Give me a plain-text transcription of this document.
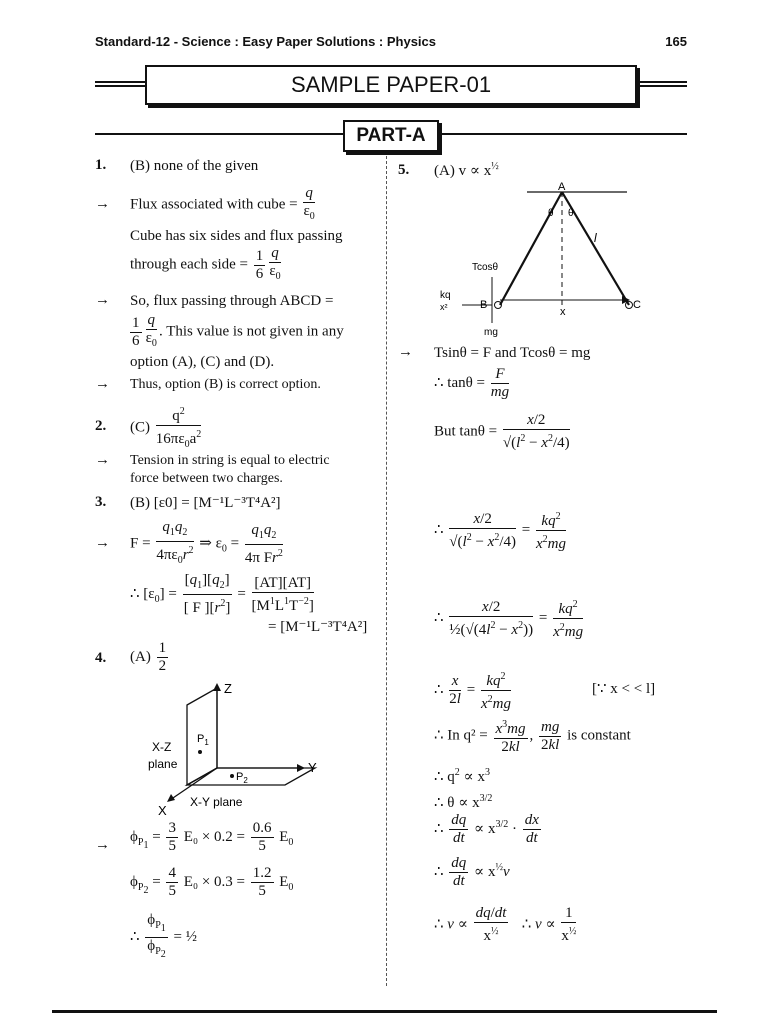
Standard-12 - Science : Easy Paper Solutions : Physics	165
SAMPLE PAPER-01
PART-A
1. (B) none of the given
→ Flux associated with cube = $\frac{q}{\varepsilon_0}$
Cube has six sides and flux passing
through each side = $\frac{1}{6} \frac{q}{\varepsilon_0}$
→ So, flux passing through ABCD =
$\frac{1}{6} \frac{q}{\varepsilon_0}$ . This value is not given in any
option (A), (C) and (D).
→ Thus, option (B) is correct option.
2. $(C) \frac{q^2}{16\pi\varepsilon_0a^2}$
→ Tension in string is equal to electric
force between two charges.
3. (B) [ε0] = [M⁻¹L⁻³T⁴A²]
→ $F = \frac{q_1q_2}{4\pi\varepsilon_0r^2}$ ⇒ $\varepsilon_0 = \frac{q_1q_2}{4\pi Fr^2}$
∴ $[\varepsilon_0] = \frac{[q_1][q_2]}{[ F ][r^2]} = \frac{[AT][AT]}{[M^1L^1T^{-2}]}$
= [M⁻¹L⁻³T⁴A²]
4. $(A) \frac{1}{2}$
Z
Y
X
X-Z
plane
X-Y plane
$P_1$
$P_2$
→
$\phi_{P_1} = \frac{3}{5} E_0 \times 0.2 = \frac{0.6}{5} E_0$
$\phi_{P_2} = \frac{4}{5} E_0 \times 0.3 = \frac{1.2}{5} E_0$
∴ $\frac{\phi_{P_1}}{\phi_{P_2}}$ = ½
5. (A) $v \propto x^{\frac{1}{2}}$
A
B	C
l
x
Tcosθ
mg
kq
x²
θ θ
→ Tsinθ = F and Tcosθ = mg
∴ $\tan\theta = \frac{F}{mg}$
But $\tan\theta = \frac{x/2}{√(l^2 - x^2/4)}$
∴ $\frac{x/2}{√(l^2 - x^2/4)} = \frac{kq^2}{x^2mg}$
∴ $\frac{x/2}{\frac{1}{2}(√(4l^2 - x^2))} = \frac{kq^2}{x^2mg}$
∴ $\frac{x}{2l} = \frac{kq^2}{x^2mg}$	[∵ x < < l]
∴ In $q^2 = \frac{x^3mg}{2kl}$ , $\frac{mg}{2kl}$ is constant
∴ $q^2 \propto x^3$
∴ $\theta \propto x^{3/2}$
∴ $\frac{dq}{dt} \propto x^{3/2} \cdot \frac{dx}{dt}$
∴ $\frac{dq}{dt} \propto x^{\frac{1}{2}}v$
∴ $v \propto \frac{dq/dt}{x^{\frac{1}{2}}}$ ∴ $v \propto \frac{1}{x^{\frac{1}{2}}}$
